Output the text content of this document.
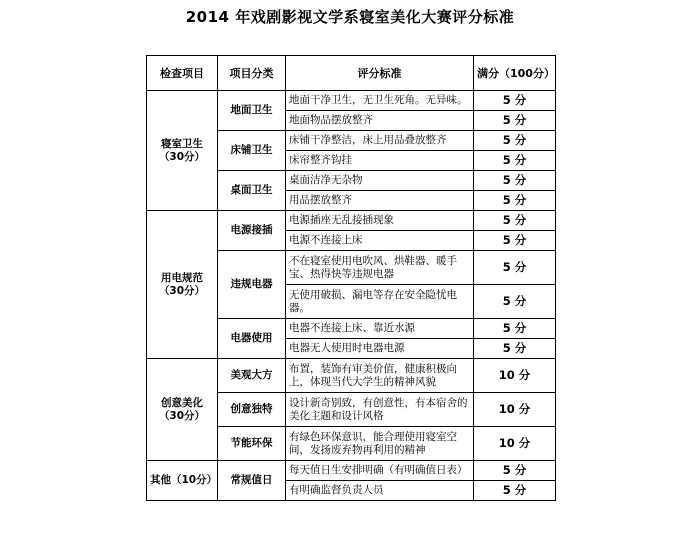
2014 年戏剧影视文学系寝室美化大赛评分标准
检查项目	项目分类	评分标准	满分（100分）
寝室卫生（30分）	地面卫生	地面干净卫生，无卫生死角。无异味。	5 分
		地面物品摆放整齐	5 分
	床铺卫生	床铺干净整洁，床上用品叠放整齐	5 分
		床帘整齐钩挂	5 分
	桌面卫生	桌面洁净无杂物	5 分
		用品摆放整齐	5 分
用电规范（30分）	电源接插	电源插座无乱接插现象	5 分
		电源不连接上床	5 分
	违规电器	不在寝室使用电吹风、烘鞋器、暖手宝、热得快等违规电器	5 分
		无使用破损、漏电等存在安全隐忧电器。	5 分
	电器使用	电器不连接上床、靠近水源	5 分
		电器无人使用时电器电源	5 分
创意美化（30分）	美观大方	布置，装饰有审美价值，健康积极向上，体现当代大学生的精神风貌	10 分
	创意独特	设计新奇别致，有创意性，有本宿舍的美化主题和设计风格	10 分
	节能环保	有绿色环保意识，能合理使用寝室空间，发扬废弃物再利用的精神	10 分
其他（10分）	常规值日	每天值日生安排明确（有明确值日表）	5 分
		有明确监督负责人员	5 分
